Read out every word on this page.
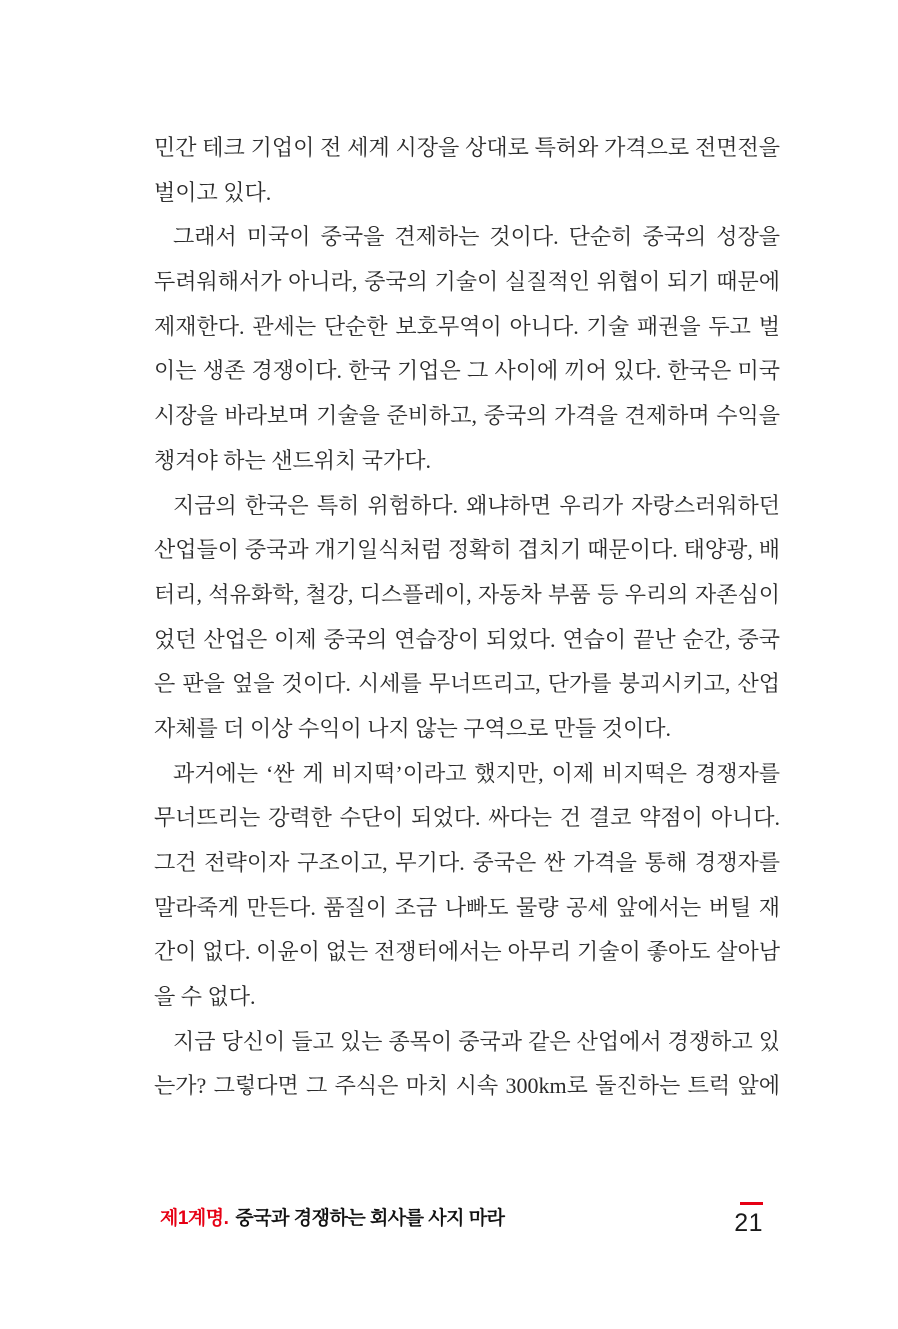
민간 테크 기업이 전 세계 시장을 상대로 특허와 가격으로 전면전을
벌이고 있다.
그래서 미국이 중국을 견제하는 것이다. 단순히 중국의 성장을
두려워해서가 아니라, 중국의 기술이 실질적인 위협이 되기 때문에
제재한다. 관세는 단순한 보호무역이 아니다. 기술 패권을 두고 벌
이는 생존 경쟁이다. 한국 기업은 그 사이에 끼어 있다. 한국은 미국
시장을 바라보며 기술을 준비하고, 중국의 가격을 견제하며 수익을
챙겨야 하는 샌드위치 국가다.
지금의 한국은 특히 위험하다. 왜냐하면 우리가 자랑스러워하던
산업들이 중국과 개기일식처럼 정확히 겹치기 때문이다. 태양광, 배
터리, 석유화학, 철강, 디스플레이, 자동차 부품 등 우리의 자존심이
었던 산업은 이제 중국의 연습장이 되었다. 연습이 끝난 순간, 중국
은 판을 엎을 것이다. 시세를 무너뜨리고, 단가를 붕괴시키고, 산업
자체를 더 이상 수익이 나지 않는 구역으로 만들 것이다.
과거에는 ‘싼 게 비지떡’이라고 했지만, 이제 비지떡은 경쟁자를
무너뜨리는 강력한 수단이 되었다. 싸다는 건 결코 약점이 아니다.
그건 전략이자 구조이고, 무기다. 중국은 싼 가격을 통해 경쟁자를
말라죽게 만든다. 품질이 조금 나빠도 물량 공세 앞에서는 버틸 재
간이 없다. 이윤이 없는 전쟁터에서는 아무리 기술이 좋아도 살아남
을 수 없다.
지금 당신이 들고 있는 종목이 중국과 같은 산업에서 경쟁하고 있
는가? 그렇다면 그 주식은 마치 시속 300km로 돌진하는 트럭 앞에
제1계명. 중국과 경쟁하는 회사를 사지 마라	21
